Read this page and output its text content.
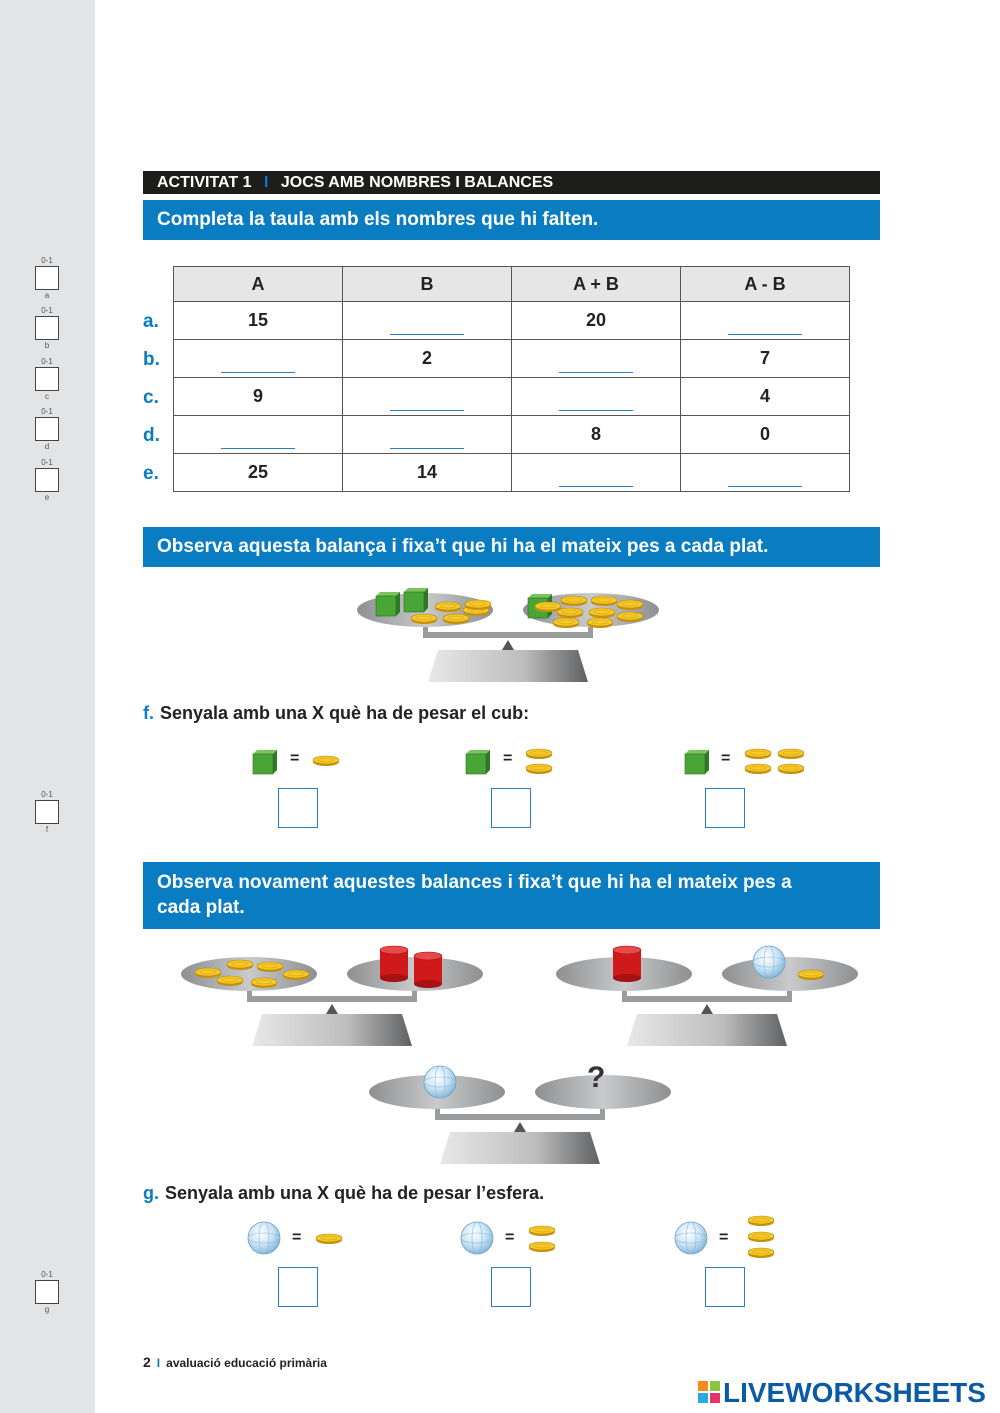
0-1
a
0-1
b
0-1
c
0-1
d
0-1
e
0-1
f
0-1
g
ACTIVITAT 1 I JOCS AMB NOMBRES I BALANCES
Completa la taula amb els nombres que hi falten.
a.
b.
c.
d.
e.
A	B	A + B	A - B
15		20	
	2		7
9			4
		8	0
25	14		
Observa aquesta balança i fixa’t que hi ha el mateix pes a cada plat.
f. Senyala amb una X què ha de pesar el cub:
=	=	=
Observa novament aquestes balances i fixa’t que hi ha el mateix pes a
cada plat.
?
g. Senyala amb una X què ha de pesar l’esfera.
=	=	=
2 I avaluació educació primària
LIVEWORKSHEETS
